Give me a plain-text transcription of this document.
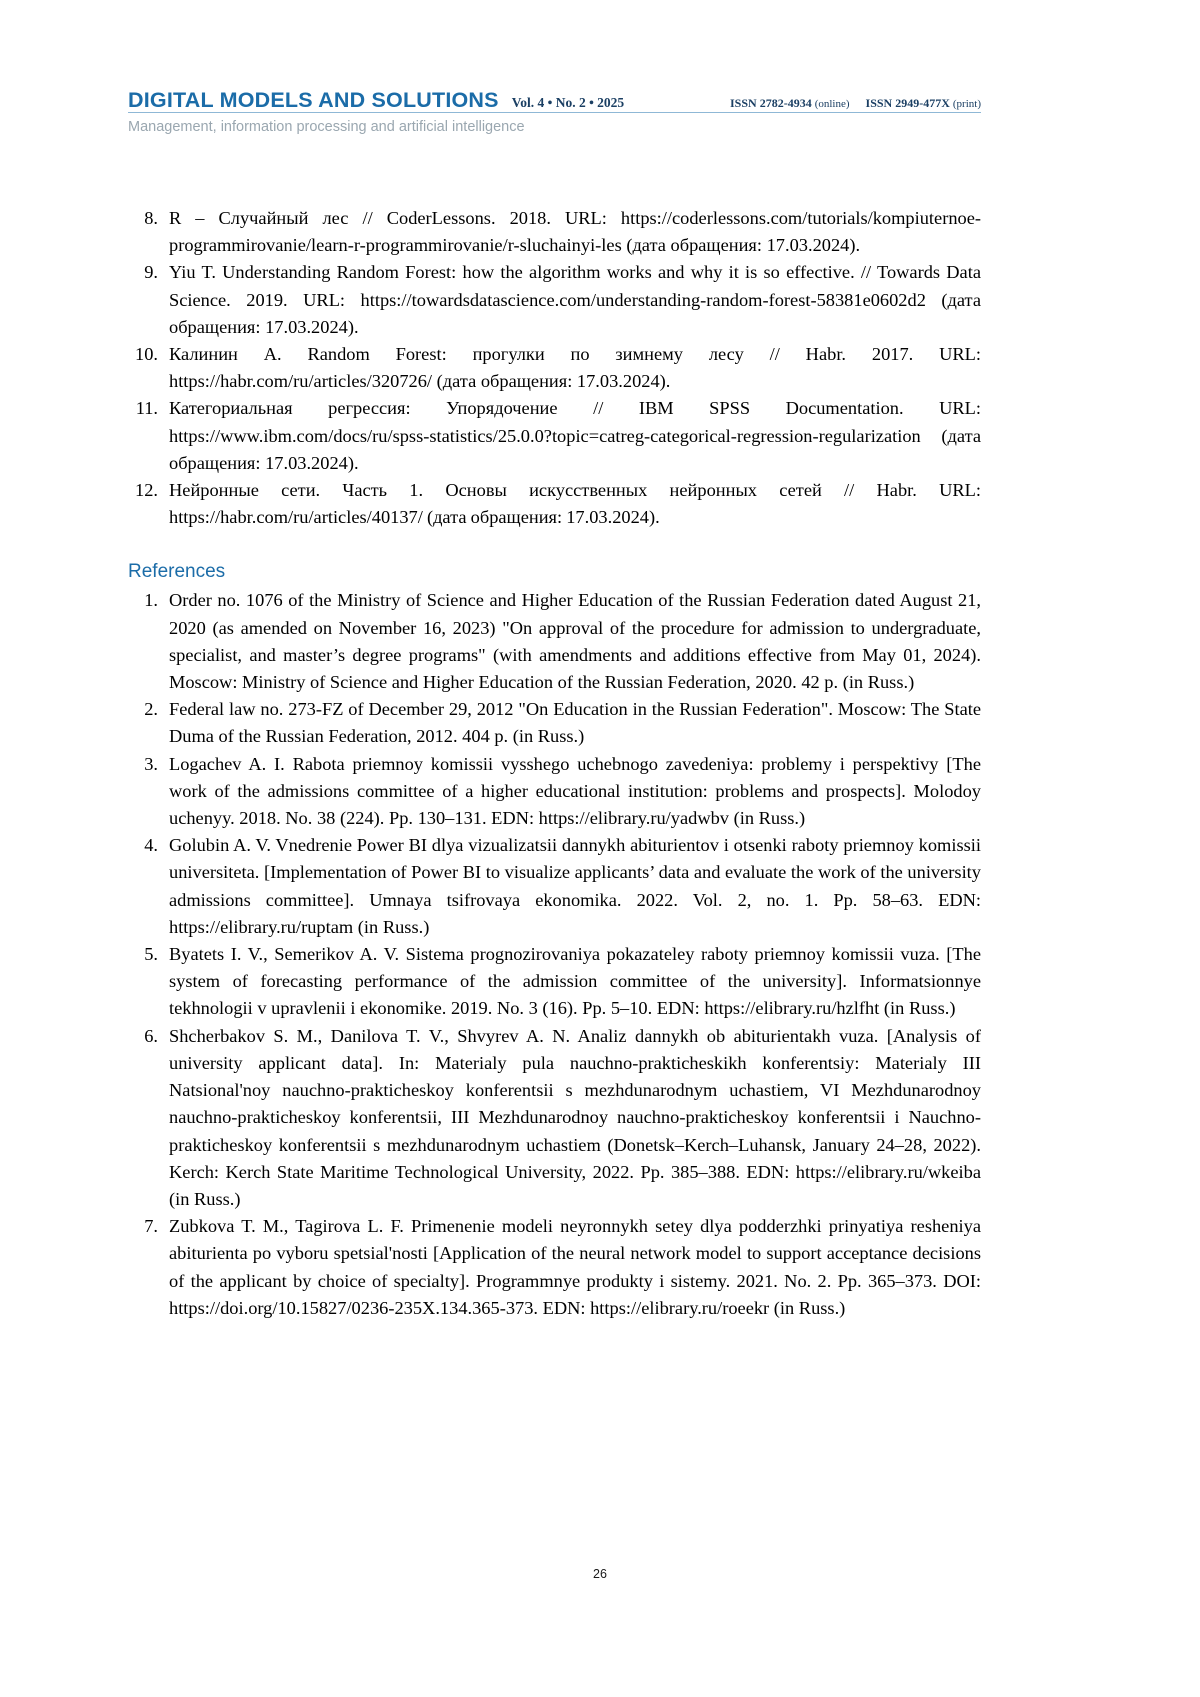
DIGITAL MODELS AND SOLUTIONS Vol. 4 • No. 2 • 2025	ISSN 2782-4934 (online) ISSN 2949-477X (print)
Management, information processing and artificial intelligence
8. R – Случайный лес // CoderLessons. 2018. URL: https://coderlessons.com/tutorials/kompiuternoe-programmirovanie/learn-r-programmirovanie/r-sluchainyi-les (дата обращения: 17.03.2024).
9. Yiu T. Understanding Random Forest: how the algorithm works and why it is so effective. // Towards Data Science. 2019. URL: https://towardsdatascience.com/understanding-random-forest-58381e0602d2 (дата обращения: 17.03.2024).
10. Калинин А. Random Forest: прогулки по зимнему лесу // Habr. 2017. URL: https://habr.com/ru/articles/320726/ (дата обращения: 17.03.2024).
11. Категориальная регрессия: Упорядочение // IBM SPSS Documentation. URL: https://www.ibm.com/docs/ru/spss-statistics/25.0.0?topic=catreg-categorical-regression-regularization (дата обращения: 17.03.2024).
12. Нейронные сети. Часть 1. Основы искусственных нейронных сетей // Habr. URL: https://habr.com/ru/articles/40137/ (дата обращения: 17.03.2024).
References
1. Order no. 1076 of the Ministry of Science and Higher Education of the Russian Federation dated August 21, 2020 (as amended on November 16, 2023) "On approval of the procedure for admission to undergraduate, specialist, and master’s degree programs" (with amendments and additions effective from May 01, 2024). Moscow: Ministry of Science and Higher Education of the Russian Federation, 2020. 42 p. (in Russ.)
2. Federal law no. 273-FZ of December 29, 2012 "On Education in the Russian Federation". Moscow: The State Duma of the Russian Federation, 2012. 404 p. (in Russ.)
3. Logachev A. I. Rabota priemnoy komissii vysshego uchebnogo zavedeniya: problemy i perspektivy [The work of the admissions committee of a higher educational institution: problems and prospects]. Molodoy uchenyy. 2018. No. 38 (224). Pp. 130–131. EDN: https://elibrary.ru/yadwbv (in Russ.)
4. Golubin A. V. Vnedrenie Power BI dlya vizualizatsii dannykh abiturientov i otsenki raboty priemnoy komissii universiteta. [Implementation of Power BI to visualize applicants’ data and evaluate the work of the university admissions committee]. Umnaya tsifrovaya ekonomika. 2022. Vol. 2, no. 1. Pp. 58–63. EDN: https://elibrary.ru/ruptam (in Russ.)
5. Byatets I. V., Semerikov A. V. Sistema prognozirovaniya pokazateley raboty priemnoy komissii vuza. [The system of forecasting performance of the admission committee of the university]. Informatsionnye tekhnologii v upravlenii i ekonomike. 2019. No. 3 (16). Pp. 5–10. EDN: https://elibrary.ru/hzlfht (in Russ.)
6. Shcherbakov S. M., Danilova T. V., Shvyrev A. N. Analiz dannykh ob abiturientakh vuza. [Analysis of university applicant data]. In: Materialy pula nauchno-prakticheskikh konferentsiy: Materialy III Natsional'noy nauchno-prakticheskoy konferentsii s mezhdunarodnym uchastiem, VI Mezhdunarodnoy nauchno-prakticheskoy konferentsii, III Mezhdunarodnoy nauchno-prakticheskoy konferentsii i Nauchno-prakticheskoy konferentsii s mezhdunarodnym uchastiem (Donetsk–Kerch–Luhansk, January 24–28, 2022). Kerch: Kerch State Maritime Technological University, 2022. Pp. 385–388. EDN: https://elibrary.ru/wkeiba (in Russ.)
7. Zubkova T. M., Tagirova L. F. Primenenie modeli neyronnykh setey dlya podderzhki prinyatiya resheniya abiturienta po vyboru spetsial'nosti [Application of the neural network model to support acceptance decisions of the applicant by choice of specialty]. Programmnye produkty i sistemy. 2021. No. 2. Pp. 365–373. DOI: https://doi.org/10.15827/0236-235X.134.365-373. EDN: https://elibrary.ru/roeekr (in Russ.)
26
